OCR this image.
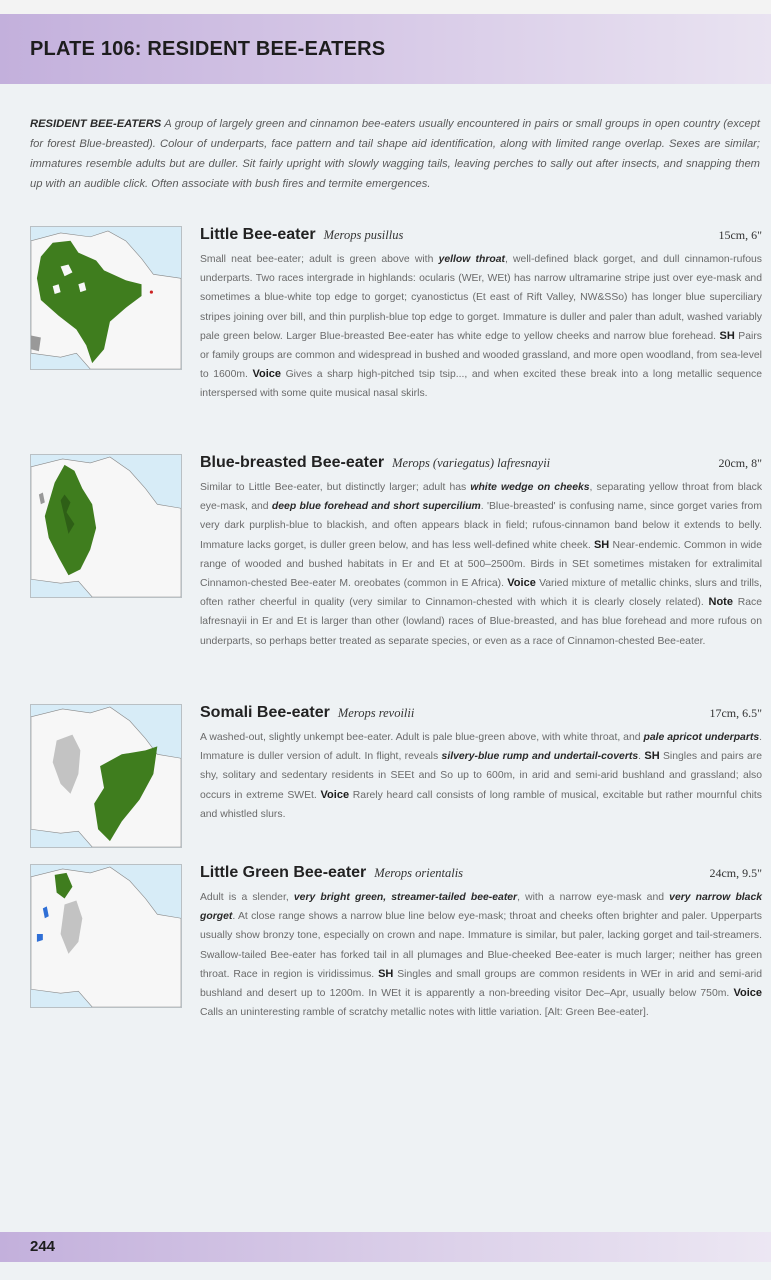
PLATE 106: RESIDENT BEE-EATERS

RESIDENT BEE-EATERS A group of largely green and cinnamon bee-eaters usually encountered in pairs or small groups in open country (except for forest Blue-breasted). Colour of underparts, face pattern and tail shape aid identification, along with limited range overlap. Sexes are similar; immatures resemble adults but are duller. Sit fairly upright with slowly wagging tails, leaving perches to sally out after insects, and snapping them up with an audible click. Often associate with bush fires and termite emergences.

Little Bee-eater Merops pusillus	15cm, 6"

Small neat bee-eater; adult is green above with yellow throat, well-defined black gorget, and dull cinnamon-rufous underparts. Two races intergrade in highlands: ocularis (WEr, WEt) has narrow ultramarine stripe just over eye-mask and sometimes a blue-white top edge to gorget; cyanostictus (Et east of Rift Valley, NW&SSo) has longer blue superciliary stripes joining over bill, and thin purplish-blue top edge to gorget. Immature is duller and paler than adult, washed variably pale green below. Larger Blue-breasted Bee-eater has white edge to yellow cheeks and narrow blue forehead. SH Pairs or family groups are common and widespread in bushed and wooded grassland, and more open woodland, from sea-level to 1600m. Voice Gives a sharp high-pitched tsip tsip..., and when excited these break into a long metallic sequence interspersed with some quite musical nasal skirls.

Blue-breasted Bee-eater Merops (variegatus) lafresnayii	20cm, 8"

Similar to Little Bee-eater, but distinctly larger; adult has white wedge on cheeks, separating yellow throat from black eye-mask, and deep blue forehead and short supercilium. 'Blue-breasted' is confusing name, since gorget varies from very dark purplish-blue to blackish, and often appears black in field; rufous-cinnamon band below it extends to belly. Immature lacks gorget, is duller green below, and has less well-defined white cheek. SH Near-endemic. Common in wide range of wooded and bushed habitats in Er and Et at 500–2500m. Birds in SEt sometimes mistaken for extralimital Cinnamon-chested Bee-eater M. oreobates (common in E Africa). Voice Varied mixture of metallic chinks, slurs and trills, often rather cheerful in quality (very similar to Cinnamon-chested with which it is clearly closely related). Note Race lafresnayii in Er and Et is larger than other (lowland) races of Blue-breasted, and has blue forehead and more rufous on underparts, so perhaps better treated as separate species, or even as a race of Cinnamon-chested Bee-eater.

Somali Bee-eater Merops revoilii	17cm, 6.5"

A washed-out, slightly unkempt bee-eater. Adult is pale blue-green above, with white throat, and pale apricot underparts. Immature is duller version of adult. In flight, reveals silvery-blue rump and undertail-coverts. SH Singles and pairs are shy, solitary and sedentary residents in SEEt and So up to 600m, in arid and semi-arid bushland and grassland; also occurs in extreme SWEt. Voice Rarely heard call consists of long ramble of musical, excitable but rather mournful chits and whistled slurs.

Little Green Bee-eater Merops orientalis	24cm, 9.5"

Adult is a slender, very bright green, streamer-tailed bee-eater, with a narrow eye-mask and very narrow black gorget. At close range shows a narrow blue line below eye-mask; throat and cheeks often brighter and paler. Upperparts usually show bronzy tone, especially on crown and nape. Immature is similar, but paler, lacking gorget and tail-streamers. Swallow-tailed Bee-eater has forked tail in all plumages and Blue-cheeked Bee-eater is much larger; neither has green throat. Race in region is viridissimus. SH Singles and small groups are common residents in WEr in arid and semi-arid bushland and desert up to 1200m. In WEt it is apparently a non-breeding visitor Dec–Apr, usually below 750m. Voice Calls an uninteresting ramble of scratchy metallic notes with little variation. [Alt: Green Bee-eater].

244
